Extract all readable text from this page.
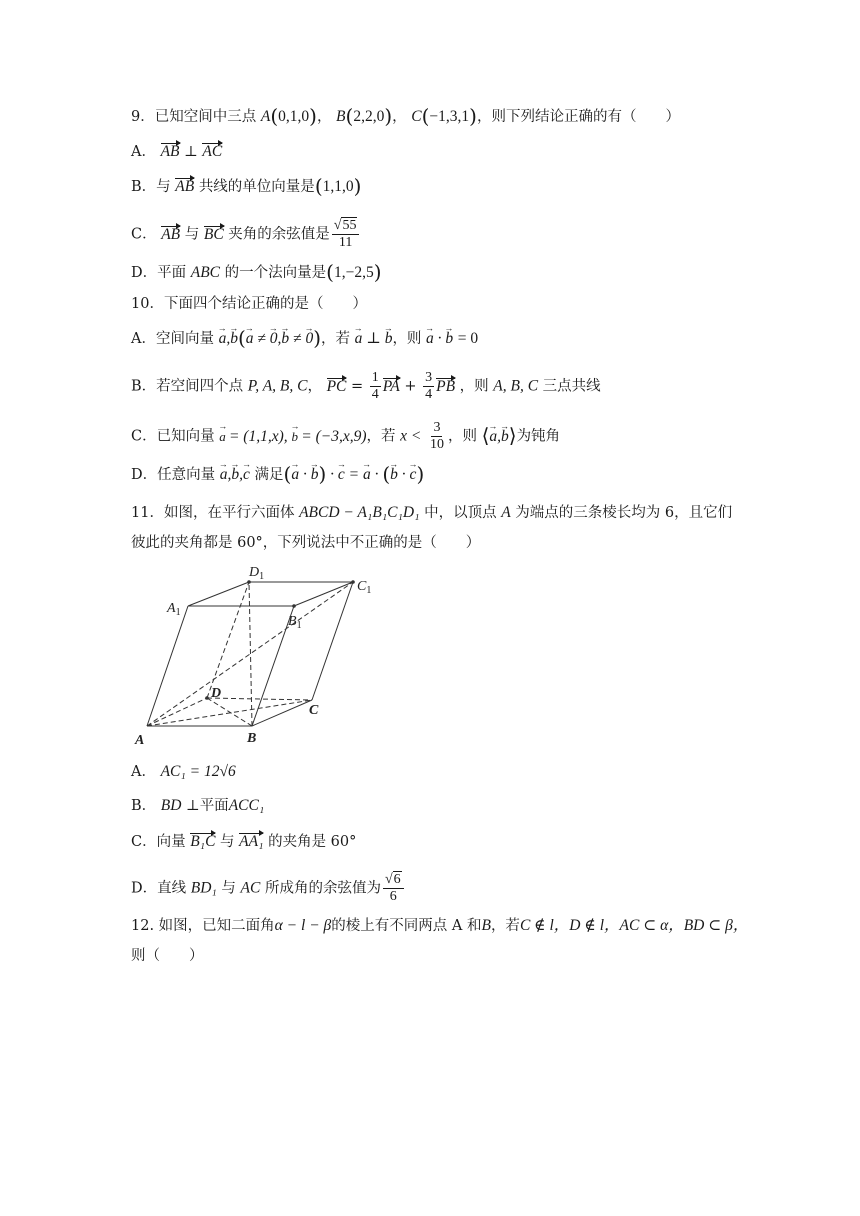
9．已知空间中三点 A(0,1,0)， B(2,2,0)， C(−1,3,1)，则下列结论正确的有（　　）
A． AB ⊥ AC
B．与 AB 共线的单位向量是(1,1,0)
C． AB 与 BC 夹角的余弦值是 $\frac{√55}{11}$
D．平面 ABC 的一个法向量是(1,−2,5)
10．下面四个结论正确的是（　　）
A．空间向量 → a,→ b(→ a ≠ → 0,→ b ≠ → 0)，若 → a ⊥ → b，则 → a · → b = 0
B．若空间四个点 P, A, B, C， PC = $\frac{1}{4}$ PA + $\frac{3}{4}$ PB ，则 A, B, C 三点共线
C．已知向量 → a = (1,1,x), → b = (−3,x,9)，若 $x < \frac{3}{10}$ ，则 ⟨→ a,→ b⟩为钝角
D．任意向量 → a,→ b,→ c 满足(→ a · → b) · → c = → a · (→ b · → c)
11．如图，在平行六面体 ABCD − A₁B₁C₁D₁ 中，以顶点 A 为端点的三条棱长均为 6，且它们
彼此的夹角都是 60°，下列说法中不正确的是（　　）
A	B
C
D
$A_1$
$B_1$
$C_1$
$D_1$
A． AC₁ = 12√6
B． BD ⊥平面ACC₁
C．向量 B₁C 与 AA₁ 的夹角是 60°
D．直线 BD₁ 与 AC 所成角的余弦值为 $\frac{√6}{6}$
12. 如图，已知二面角α − l − β的棱上有不同两点 A 和B，若C ∉ l，D ∉ l，AC ⊂ α，BD ⊂ β，
则（　　）
